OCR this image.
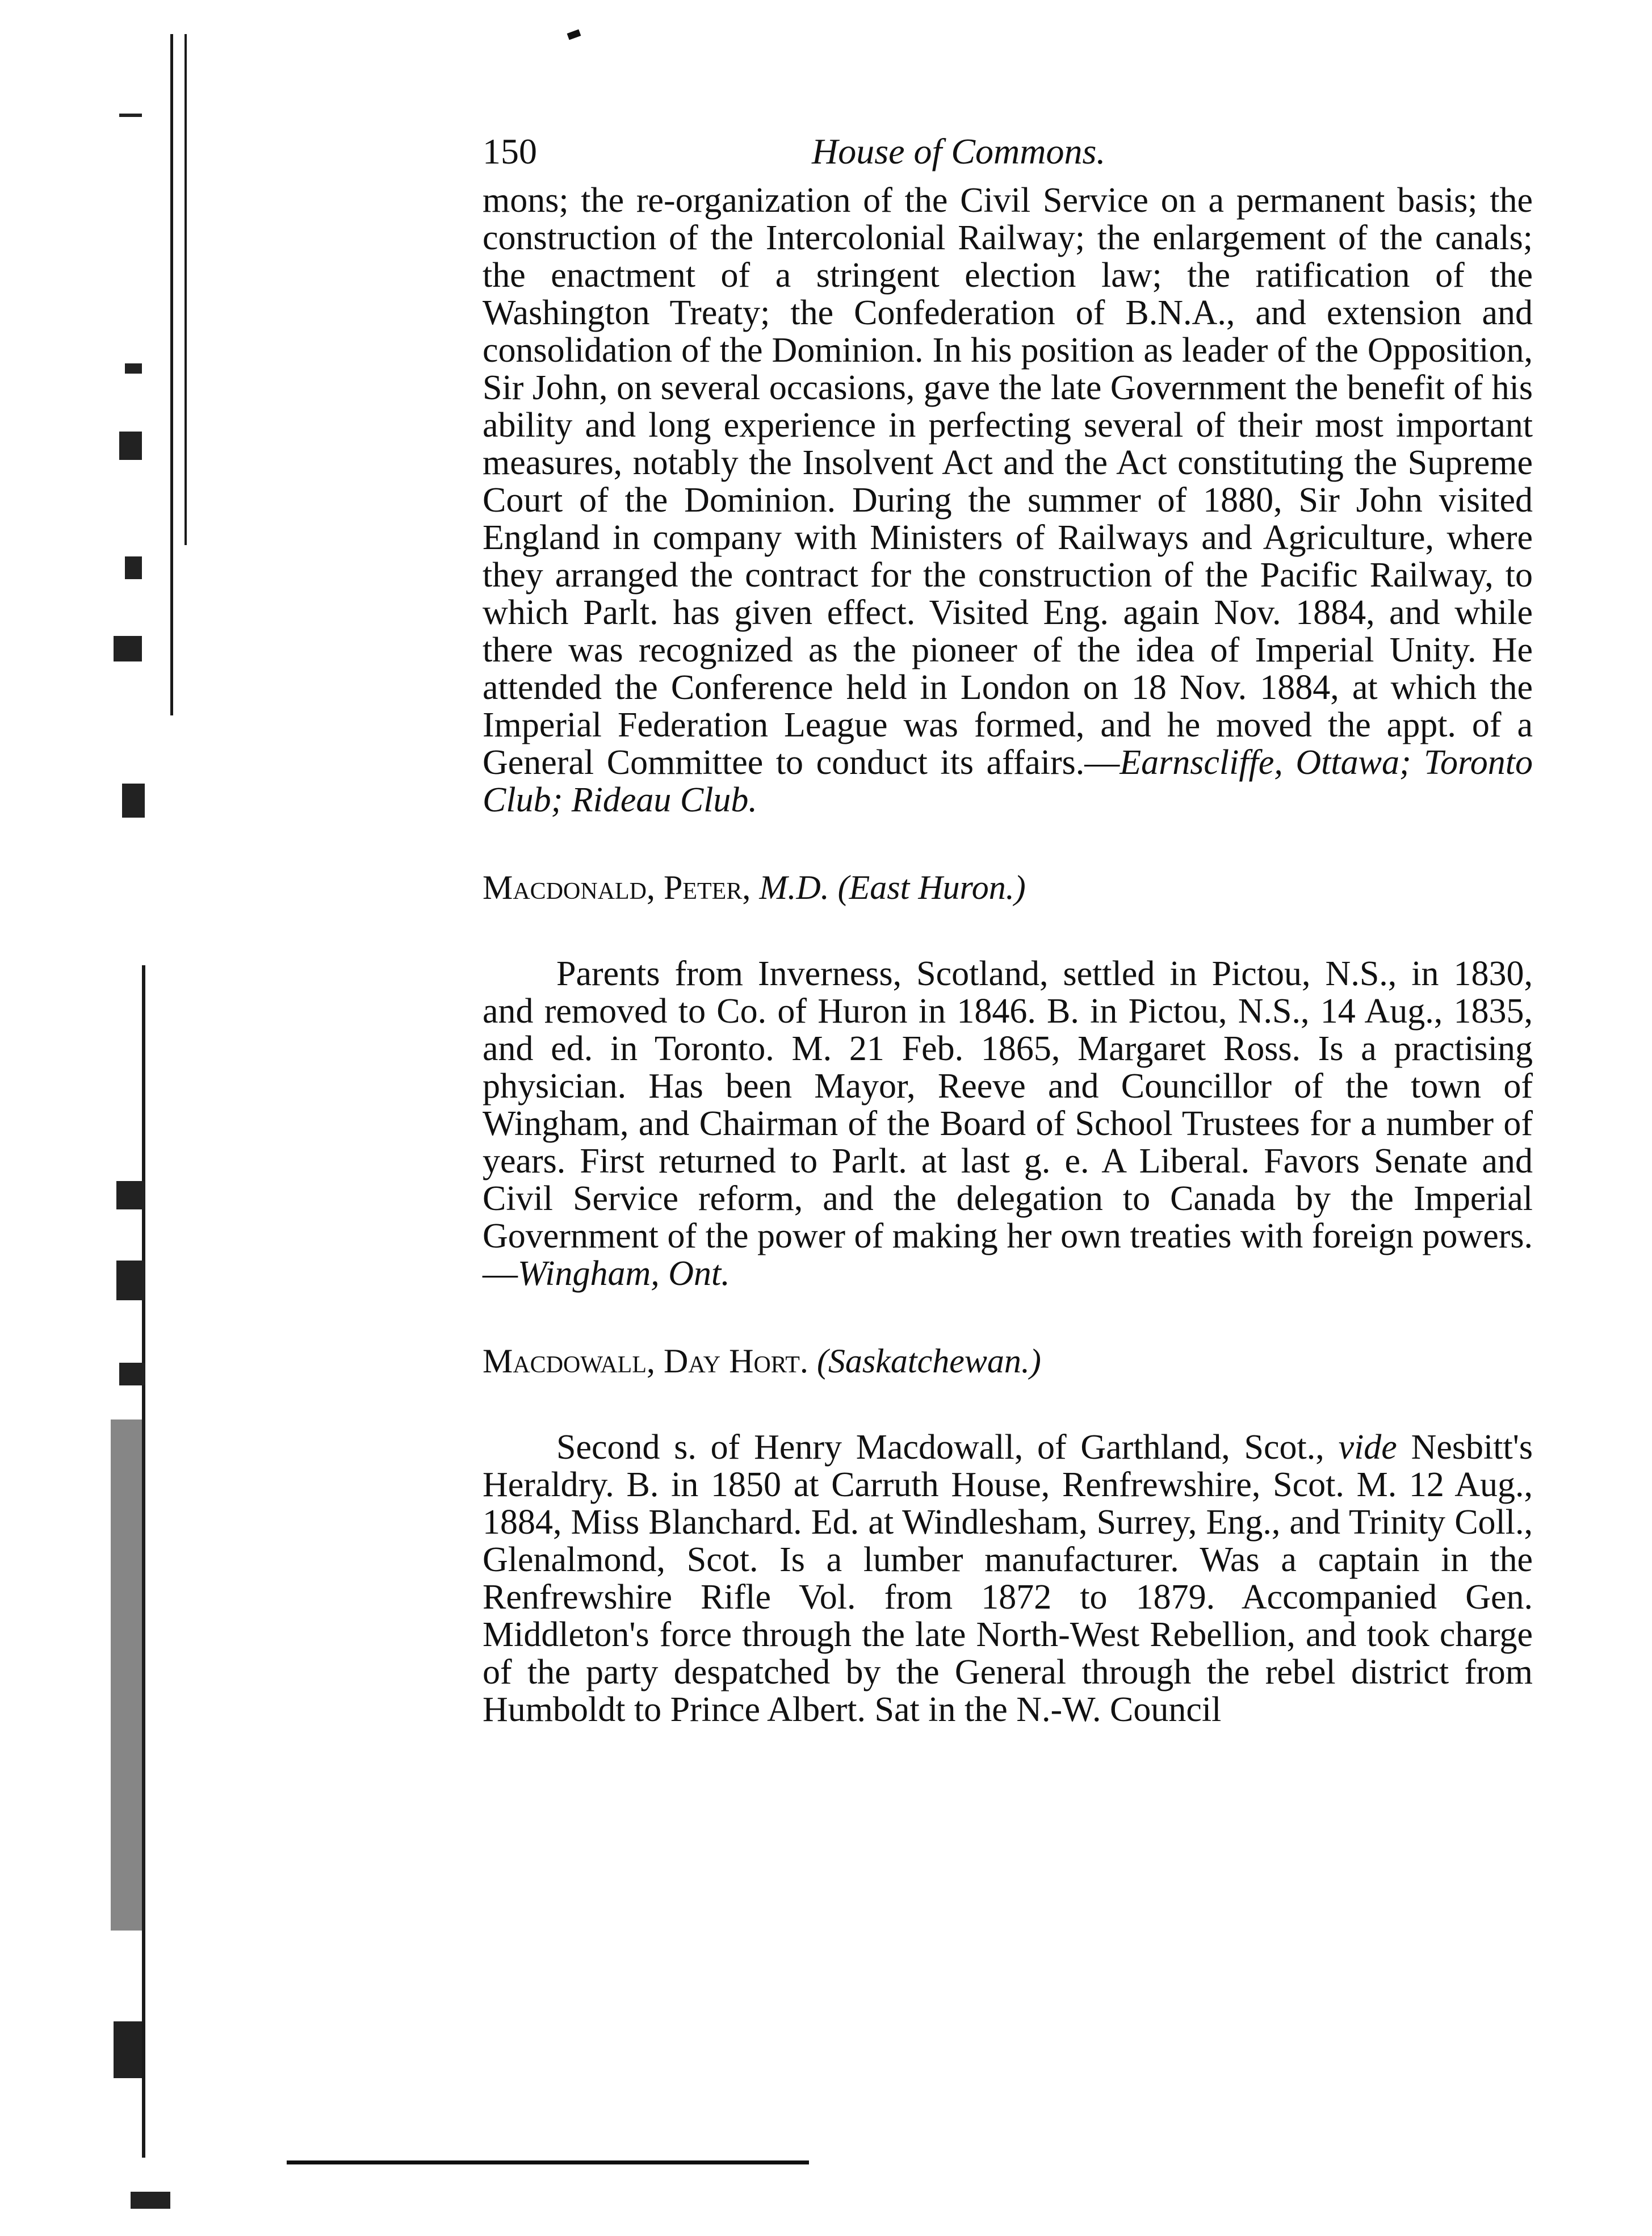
150	House of Commons.

mons; the re-organization of the Civil Service on a permanent basis; the construction of the Intercolonial Railway; the enlargement of the canals; the enactment of a stringent election law; the ratification of the Washington Treaty; the Confederation of B.N.A., and extension and consolidation of the Dominion. In his position as leader of the Opposition, Sir John, on several occasions, gave the late Government the benefit of his ability and long experience in perfecting several of their most important measures, notably the Insolvent Act and the Act constituting the Supreme Court of the Dominion. During the summer of 1880, Sir John visited England in company with Ministers of Railways and Agriculture, where they arranged the contract for the construction of the Pacific Railway, to which Parlt. has given effect. Visited Eng. again Nov. 1884, and while there was recognized as the pioneer of the idea of Imperial Unity. He attended the Conference held in London on 18 Nov. 1884, at which the Imperial Federation League was formed, and he moved the appt. of a General Committee to conduct its affairs.—Earnscliffe, Ottawa; Toronto Club; Rideau Club.

Macdonald, Peter, M.D. (East Huron.)

Parents from Inverness, Scotland, settled in Pictou, N.S., in 1830, and removed to Co. of Huron in 1846. B. in Pictou, N.S., 14 Aug., 1835, and ed. in Toronto. M. 21 Feb. 1865, Margaret Ross. Is a practising physician. Has been Mayor, Reeve and Councillor of the town of Wingham, and Chairman of the Board of School Trustees for a number of years. First returned to Parlt. at last g. e. A Liberal. Favors Senate and Civil Service reform, and the delegation to Canada by the Imperial Government of the power of making her own treaties with foreign powers.—Wingham, Ont.

Macdowall, Day Hort. (Saskatchewan.)

Second s. of Henry Macdowall, of Garthland, Scot., vide Nesbitt's Heraldry. B. in 1850 at Carruth House, Renfrewshire, Scot. M. 12 Aug., 1884, Miss Blanchard. Ed. at Windlesham, Surrey, Eng., and Trinity Coll., Glenalmond, Scot. Is a lumber manufacturer. Was a captain in the Renfrewshire Rifle Vol. from 1872 to 1879. Accompanied Gen. Middleton's force through the late North-West Rebellion, and took charge of the party despatched by the General through the rebel district from Humboldt to Prince Albert. Sat in the N.-W. Council
